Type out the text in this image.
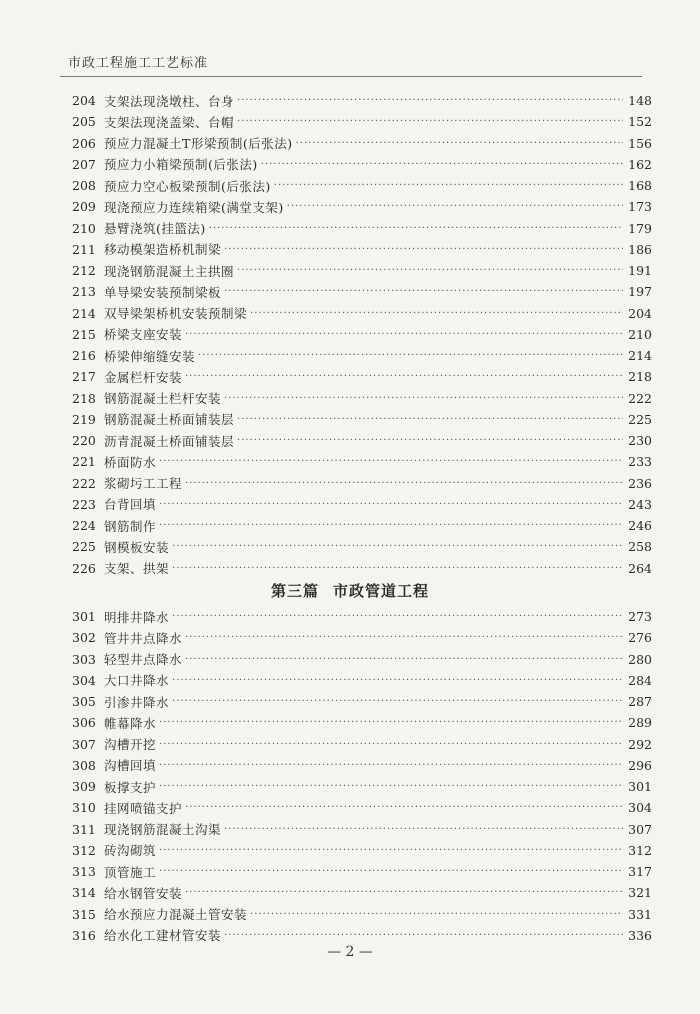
市政工程施工工艺标准
204 支架法现浇墩柱、台身 ·····	148
205 支架法现浇盖梁、台帽 ·····	152
206 预应力混凝土T形梁预制(后张法) ·····	156
207 预应力小箱梁预制(后张法) ·····	162
208 预应力空心板梁预制(后张法) ·····	168
209 现浇预应力连续箱梁(满堂支架) ·····	173
210 悬臂浇筑(挂篮法) ·····	179
211 移动模架造桥机制梁 ·····	186
212 现浇钢筋混凝土主拱圈 ·····	191
213 单导梁安装预制梁板 ·····	197
214 双导梁架桥机安装预制梁 ·····	204
215 桥梁支座安装 ·····	210
216 桥梁伸缩缝安装 ·····	214
217 金属栏杆安装 ·····	218
218 钢筋混凝土栏杆安装 ·····	222
219 钢筋混凝土桥面铺装层 ·····	225
220 沥青混凝土桥面铺装层 ·····	230
221 桥面防水 ·····	233
222 浆砌圬工工程 ·····	236
223 台背回填 ·····	243
224 钢筋制作 ·····	246
225 钢模板安装 ·····	258
226 支架、拱架 ·····	264
第三篇 市政管道工程
301 明排井降水 ·····	273
302 管井井点降水 ·····	276
303 轻型井点降水 ·····	280
304 大口井降水 ·····	284
305 引渗井降水 ·····	287
306 帷幕降水 ·····	289
307 沟槽开挖 ·····	292
308 沟槽回填 ·····	296
309 板撑支护 ·····	301
310 挂网喷锚支护 ·····	304
311 现浇钢筋混凝土沟渠 ·····	307
312 砖沟砌筑 ·····	312
313 顶管施工 ·····	317
314 给水钢管安装 ·····	321
315 给水预应力混凝土管安装 ·····	331
316 给水化工建材管安装 ·····	336
— 2 —
